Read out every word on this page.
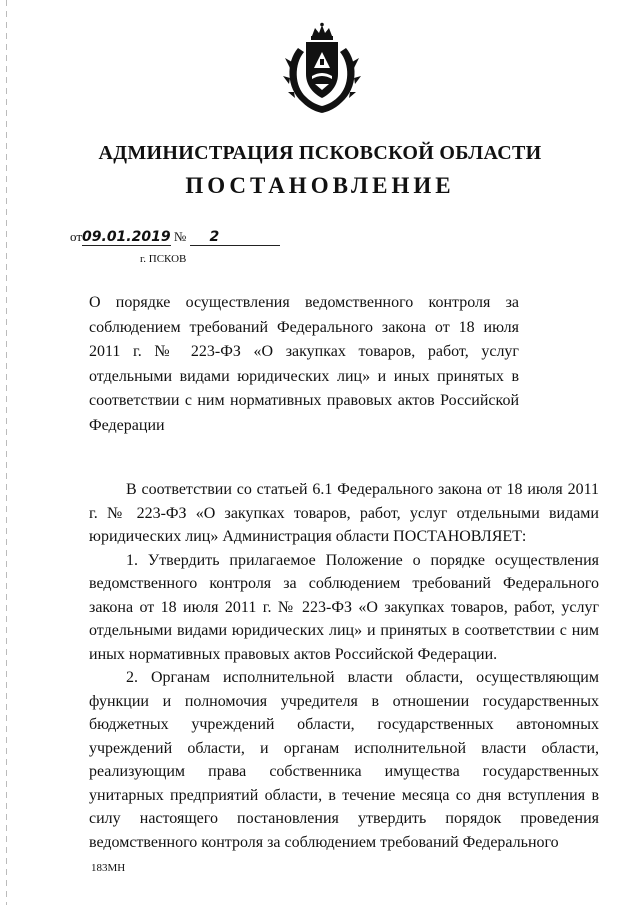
АДМИНИСТРАЦИЯ ПСКОВСКОЙ ОБЛАСТИ
ПОСТАНОВЛЕНИЕ
от09.01.2019 № 2
г. ПСКОВ
О порядке осуществления ведомственного контроля за соблюдением требований Федерального закона от 18 июля 2011 г. № 223-ФЗ «О закупках товаров, работ, услуг отдельными видами юридических лиц» и иных принятых в соответствии с ним нормативных правовых актов Российской Федерации

В соответствии со статьей 6.1 Федерального закона от 18 июля 2011 г. № 223-ФЗ «О закупках товаров, работ, услуг отдельными видами юридических лиц» Администрация области ПОСТАНОВЛЯЕТ:

1. Утвердить прилагаемое Положение о порядке осуществления ведомственного контроля за соблюдением требований Федерального закона от 18 июля 2011 г. № 223-ФЗ «О закупках товаров, работ, услуг отдельными видами юридических лиц» и принятых в соответствии с ним иных нормативных правовых актов Российской Федерации.

2. Органам исполнительной власти области, осуществляющим функции и полномочия учредителя в отношении государственных бюджетных учреждений области, государственных автономных учреждений области, и органам исполнительной власти области, реализующим права собственника имущества государственных унитарных предприятий области, в течение месяца со дня вступления в силу настоящего постановления утвердить порядок проведения ведомственного контроля за соблюдением требований Федерального

183МН
